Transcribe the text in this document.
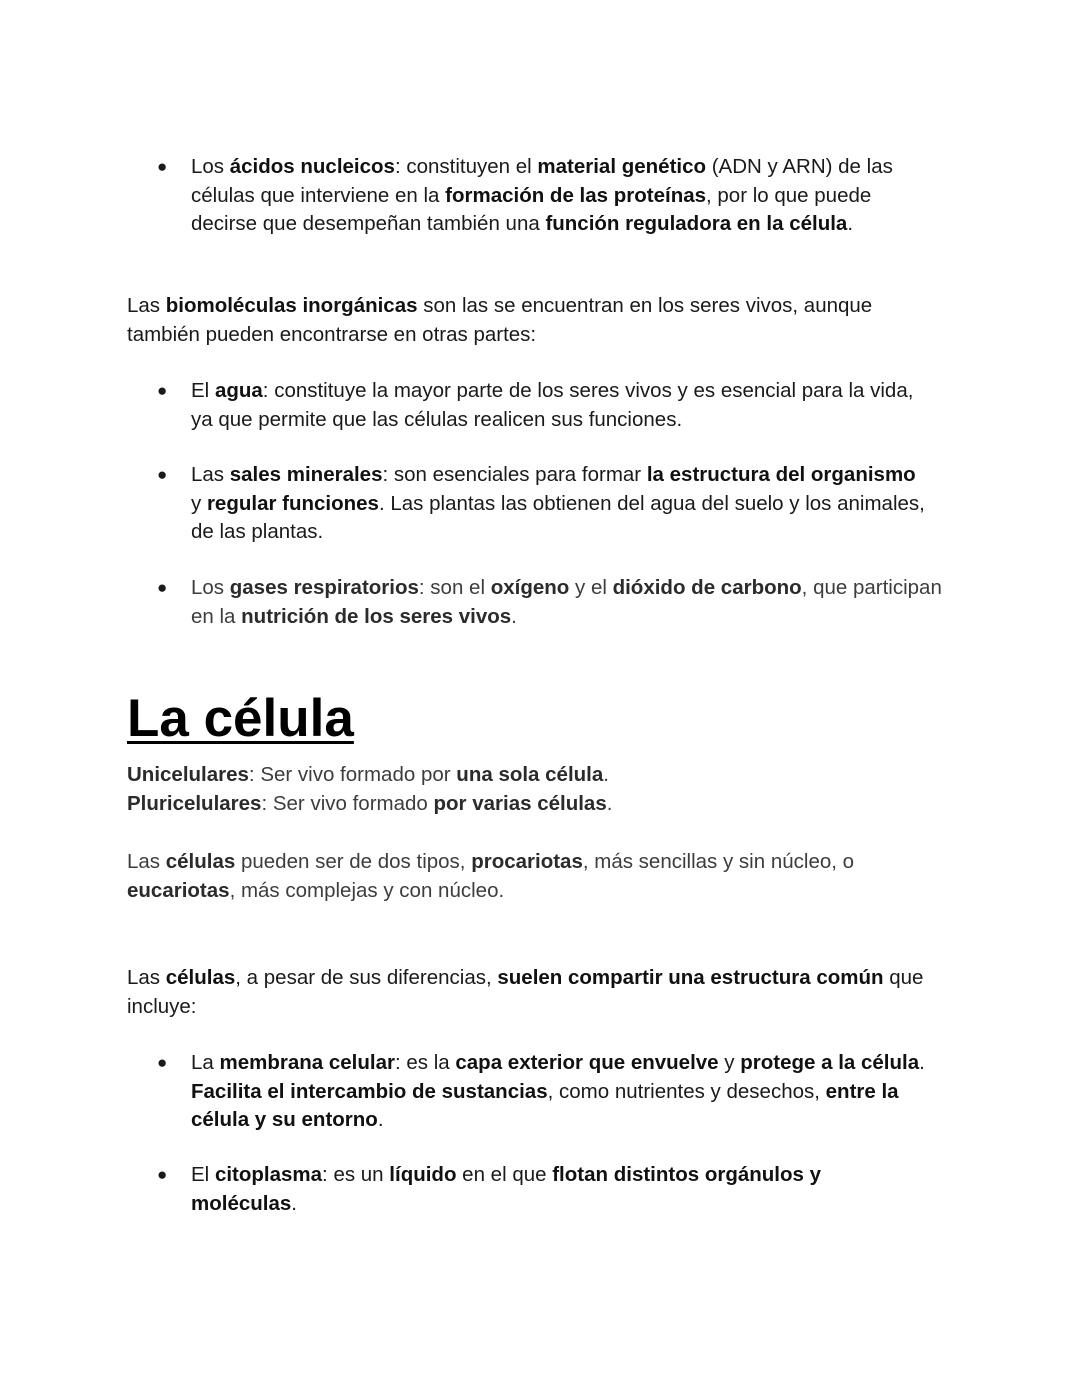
● Los ácidos nucleicos: constituyen el material genético (ADN y ARN) de las
células que interviene en la formación de las proteínas, por lo que puede
decirse que desempeñan también una función reguladora en la célula.
Las biomoléculas inorgánicas son las se encuentran en los seres vivos, aunque
también pueden encontrarse en otras partes:
● El agua: constituye la mayor parte de los seres vivos y es esencial para la vida,
ya que permite que las células realicen sus funciones.
● Las sales minerales: son esenciales para formar la estructura del organismo
y regular funciones. Las plantas las obtienen del agua del suelo y los animales,
de las plantas.
● Los gases respiratorios: son el oxígeno y el dióxido de carbono, que participan
en la nutrición de los seres vivos.
La célula
Unicelulares: Ser vivo formado por una sola célula.
Pluricelulares: Ser vivo formado por varias células.
Las células pueden ser de dos tipos, procariotas, más sencillas y sin núcleo, o
eucariotas, más complejas y con núcleo.
Las células, a pesar de sus diferencias, suelen compartir una estructura común que
incluye:
● La membrana celular: es la capa exterior que envuelve y protege a la célula.
Facilita el intercambio de sustancias, como nutrientes y desechos, entre la
célula y su entorno.
● El citoplasma: es un líquido en el que flotan distintos orgánulos y
moléculas.
